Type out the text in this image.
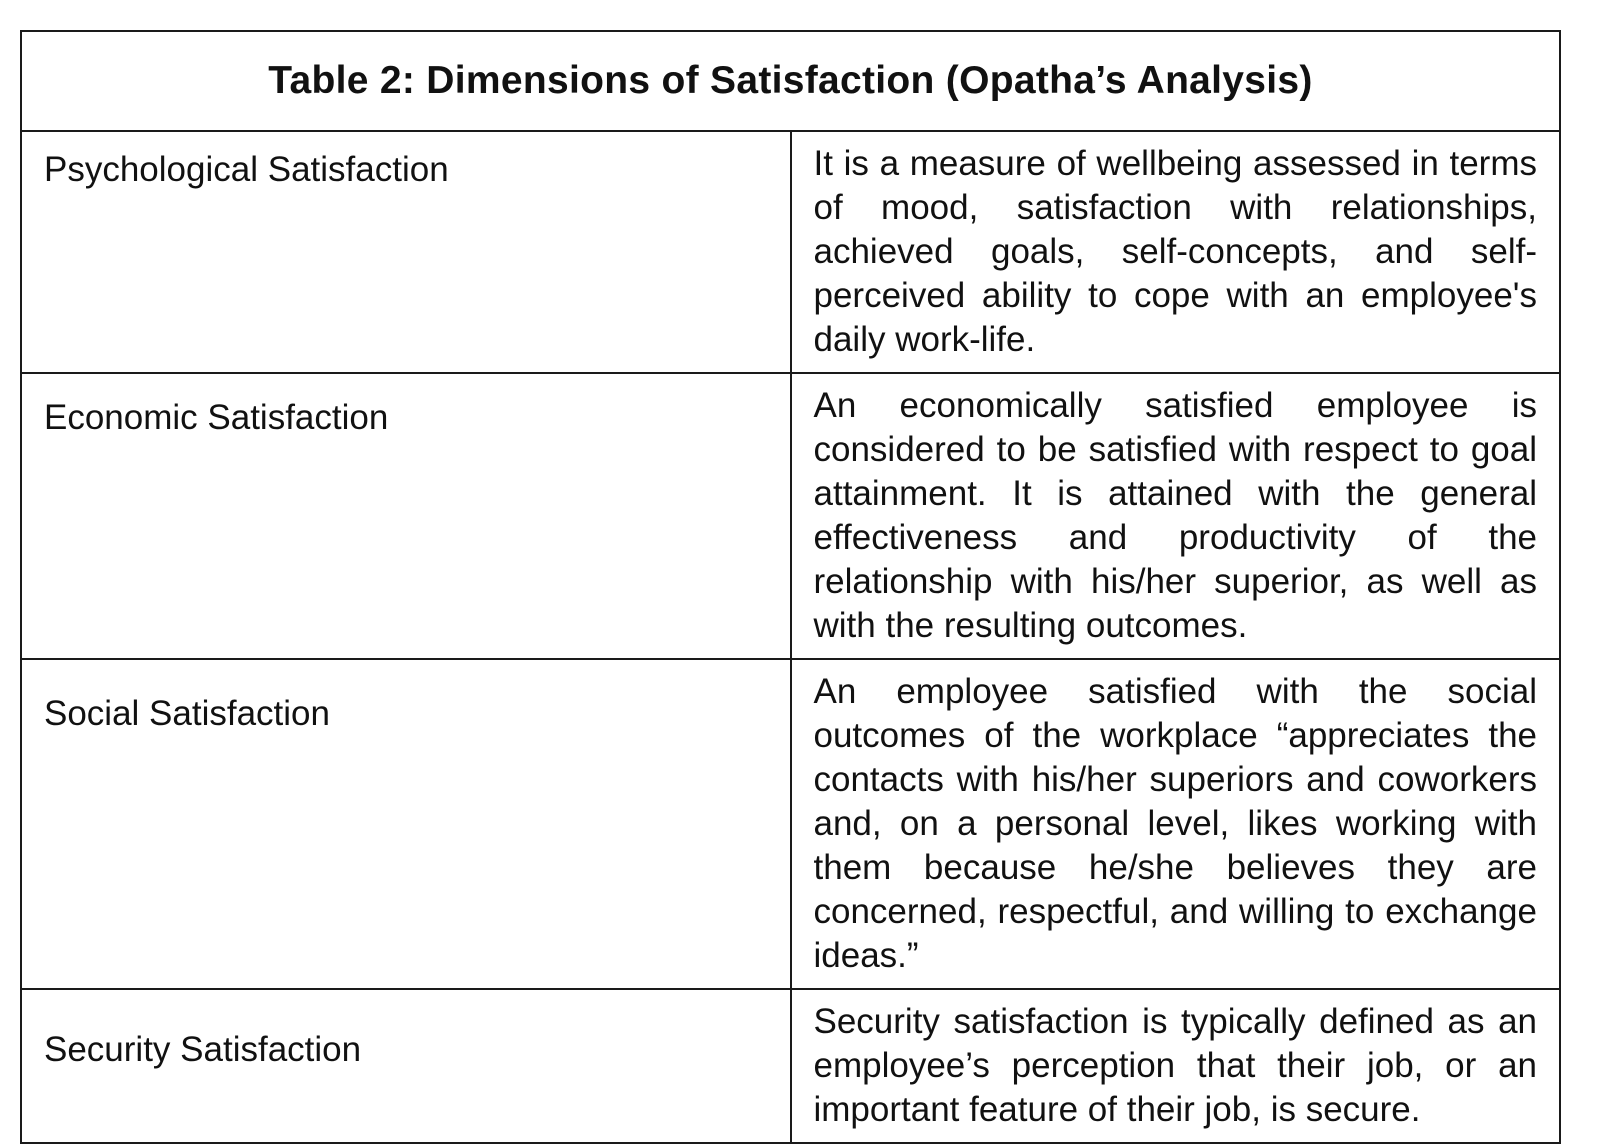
Table 2: Dimensions of Satisfaction (Opatha’s Analysis)	
Psychological Satisfaction	It is a measure of wellbeing assessed in terms of mood, satisfaction with relationships, achieved goals, self-concepts, and self-perceived ability to cope with an employee's daily work-life.
Economic Satisfaction	An economically satisfied employee is considered to be satisfied with respect to goal attainment. It is attained with the general effectiveness and productivity of the relationship with his/her superior, as well as with the resulting outcomes.
Social Satisfaction	An employee satisfied with the social outcomes of the workplace “appreciates the contacts with his/her superiors and coworkers and, on a personal level, likes working with them because he/she believes they are concerned, respectful, and willing to exchange ideas.”
Security Satisfaction	Security satisfaction is typically defined as an employee’s perception that their job, or an important feature of their job, is secure.
